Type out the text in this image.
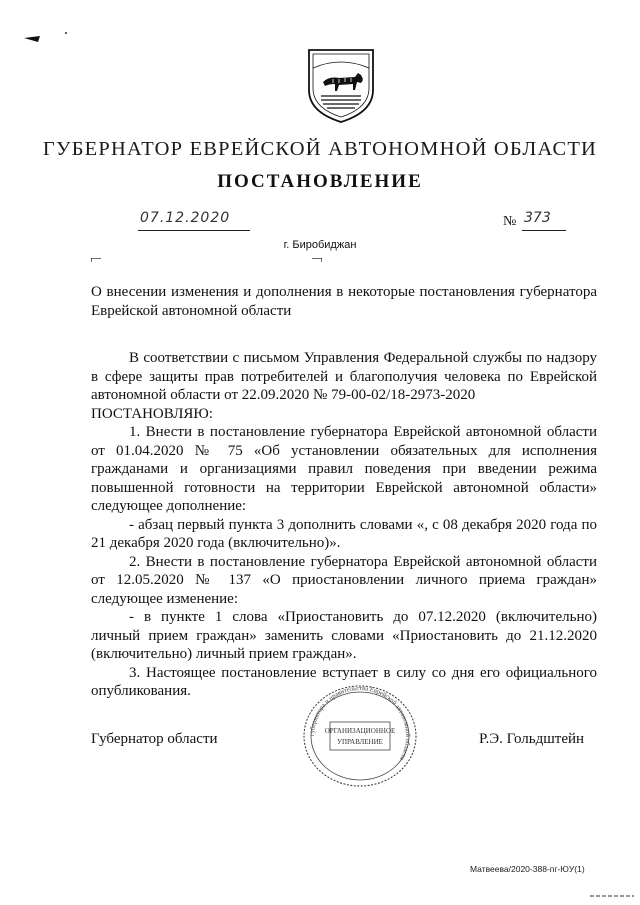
ГУБЕРНАТОР ЕВРЕЙСКОЙ АВТОНОМНОЙ ОБЛАСТИ
ПОСТАНОВЛЕНИЕ
07.12.2020	№ 373
г. Биробиджан
О внесении изменения и дополнения в некоторые постановления губернатора Еврейской автономной области

В соответствии с письмом Управления Федеральной службы по надзору в сфере защиты прав потребителей и благополучия человека по Еврейской автономной области от 22.09.2020 № 79-00-02/18-2973-2020

ПОСТАНОВЛЯЮ:

1. Внести в постановление губернатора Еврейской автономной области от 01.04.2020 № 75 «Об установлении обязательных для исполнения гражданами и организациями правил поведения при введении режима повышенной готовности на территории Еврейской автономной области» следующее дополнение:

- абзац первый пункта 3 дополнить словами «, с 08 декабря 2020 года по 21 декабря 2020 года (включительно)».

2. Внести в постановление губернатора Еврейской автономной области от 12.05.2020 № 137 «О приостановлении личного приема граждан» следующее изменение:

- в пункте 1 слова «Приостановить до 07.12.2020 (включительно) личный прием граждан» заменить словами «Приостановить до 21.12.2020 (включительно) личный прием граждан».

3. Настоящее постановление вступает в силу со дня его официального опубликования.

Губернатор области	ОРГАНИЗАЦИОННОЕ
УПРАВЛЕНИЕ
губернатора и правительства Еврейской автономной области
Р.Э. Гольдштейн
Матвеева/2020-388-пг-ЮУ(1)
